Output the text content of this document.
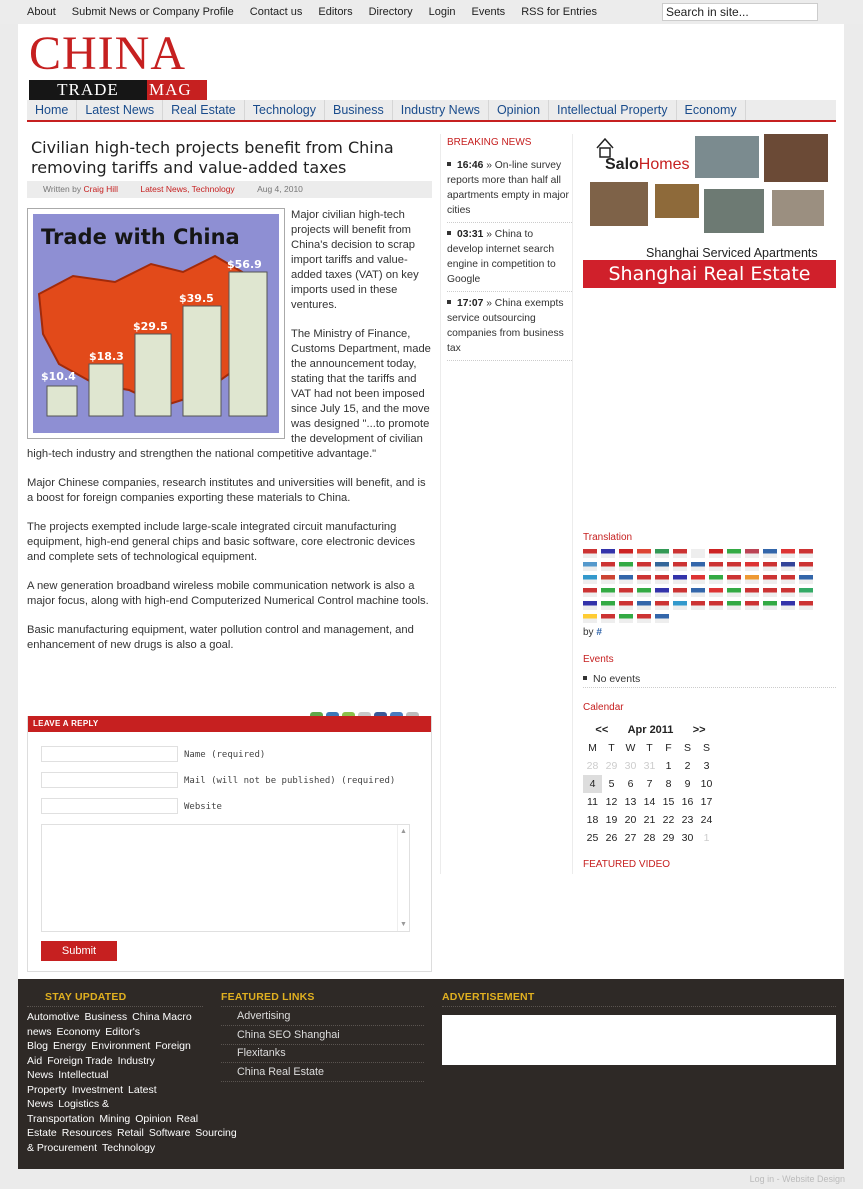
About Submit News or Company Profile Contact us Editors Directory Login Events RSS for Entries
Search in site...
CHINA
TRADE	MAG
Home	Latest News	Real Estate	Technology	Business	Industry News	Opinion	Intellectual Property	Economy
Civilian high-tech projects benefit from China removing tariffs and value-added taxes
Written by Craig Hill	Latest News, Technology	Aug 4, 2010
Trade with China
$10.4
$18.3
$29.5
$39.5
$56.9

Major civilian high-tech projects will benefit from China's decision to scrap import tariffs and value-added taxes (VAT) on key imports used in these ventures.

The Ministry of Finance, Customs Department, made the announcement today, stating that the tariffs and VAT had not been imposed since July 15, and the move was designed "...to promote the development of civilian high-tech industry and strengthen the national competitive advantage."

Major Chinese companies, research institutes and universities will benefit, and is a boost for foreign companies exporting these materials to China.

The projects exempted include large-scale integrated circuit manufacturing equipment, high-end general chips and basic software, core electronic devices and complete sets of technological equipment.

A new generation broadband wireless mobile communication network is also a major focus, along with high-end Computerized Numerical Control machine tools.

Basic manufacturing equipment, water pollution control and management, and enhancement of new drugs is also a goal.

LEAVE A REPLY
Name (required)
Mail (will not be published) (required)
Website
▲
▼
Submit
BREAKING NEWS
16:46 » On-line survey reports more than half all apartments empty in major cities
03:31 » China to develop internet search engine in competition to Google
17:07 » China exempts service outsourcing companies from business tax
SaloHomes
Shanghai Serviced Apartments
Shanghai Real Estate
Translation
by #
Events
No events
Calendar
<<	Apr 2011	>>
M	T	W	T	F	S	S
28 29 30 31 1	2	3
4	5	6	7	8	9 10
11 12 13 14 15 16 17
18 19 20 21 22 23 24
25 26 27 28 29 30 1
FEATURED VIDEO
STAY UPDATED
Automotive Business China Macro news Economy Editor's Blog Energy Environment Foreign Aid Foreign Trade Industry News Intellectual Property Investment Latest News Logistics & Transportation Mining Opinion Real Estate Resources Retail Software Sourcing & Procurement Technology
FEATURED LINKS
Advertising
China SEO Shanghai
Flexitanks
China Real Estate
ADVERTISEMENT
Log in - Website Design
